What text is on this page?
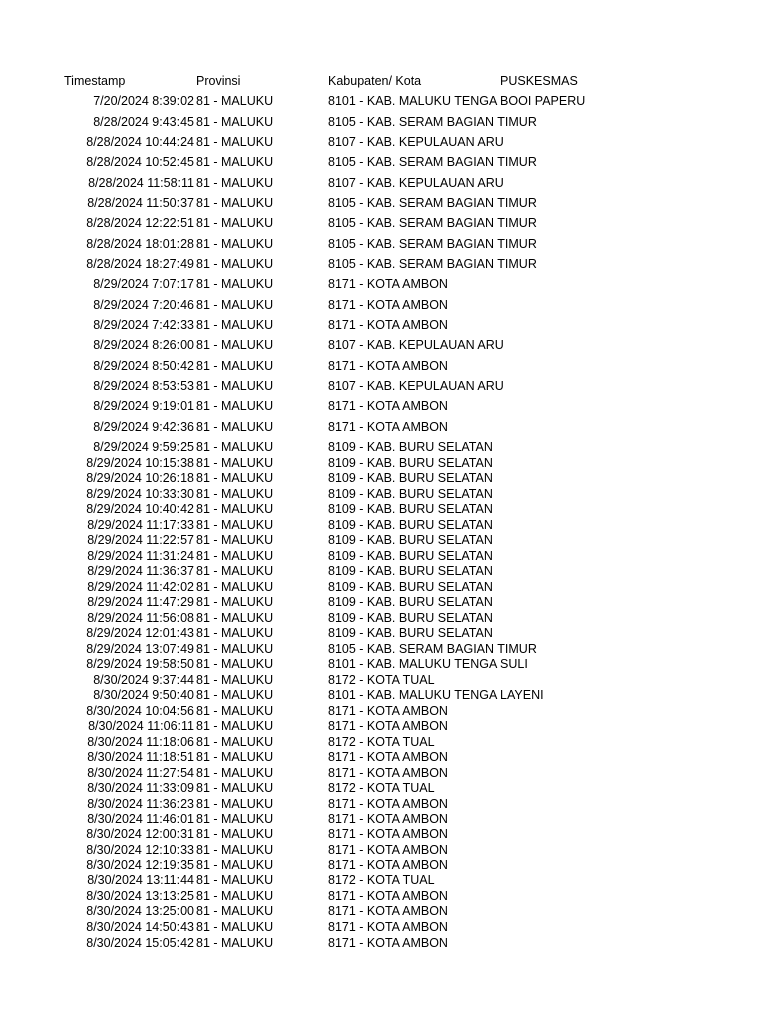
Timestamp	Provinsi	Kabupaten/ Kota	PUSKESMAS
7/20/2024 8:39:02 81 - MALUKU	8101 - KAB. MALUKU TENGA BOOI PAPERU
8/28/2024 9:43:45 81 - MALUKU	8105 - KAB. SERAM BAGIAN TIMUR
8/28/2024 10:44:24 81 - MALUKU	8107 - KAB. KEPULAUAN ARU
8/28/2024 10:52:45 81 - MALUKU	8105 - KAB. SERAM BAGIAN TIMUR
8/28/2024 11:58:11 81 - MALUKU	8107 - KAB. KEPULAUAN ARU
8/28/2024 11:50:37 81 - MALUKU	8105 - KAB. SERAM BAGIAN TIMUR
8/28/2024 12:22:51 81 - MALUKU	8105 - KAB. SERAM BAGIAN TIMUR
8/28/2024 18:01:28 81 - MALUKU	8105 - KAB. SERAM BAGIAN TIMUR
8/28/2024 18:27:49 81 - MALUKU	8105 - KAB. SERAM BAGIAN TIMUR
8/29/2024 7:07:17 81 - MALUKU	8171 - KOTA AMBON
8/29/2024 7:20:46 81 - MALUKU	8171 - KOTA AMBON
8/29/2024 7:42:33 81 - MALUKU	8171 - KOTA AMBON
8/29/2024 8:26:00 81 - MALUKU	8107 - KAB. KEPULAUAN ARU
8/29/2024 8:50:42 81 - MALUKU	8171 - KOTA AMBON
8/29/2024 8:53:53 81 - MALUKU	8107 - KAB. KEPULAUAN ARU
8/29/2024 9:19:01 81 - MALUKU	8171 - KOTA AMBON
8/29/2024 9:42:36 81 - MALUKU	8171 - KOTA AMBON
8/29/2024 9:59:25 81 - MALUKU	8109 - KAB. BURU SELATAN
8/29/2024 10:15:38 81 - MALUKU	8109 - KAB. BURU SELATAN
8/29/2024 10:26:18 81 - MALUKU	8109 - KAB. BURU SELATAN
8/29/2024 10:33:30 81 - MALUKU	8109 - KAB. BURU SELATAN
8/29/2024 10:40:42 81 - MALUKU	8109 - KAB. BURU SELATAN
8/29/2024 11:17:33 81 - MALUKU	8109 - KAB. BURU SELATAN
8/29/2024 11:22:57 81 - MALUKU	8109 - KAB. BURU SELATAN
8/29/2024 11:31:24 81 - MALUKU	8109 - KAB. BURU SELATAN
8/29/2024 11:36:37 81 - MALUKU	8109 - KAB. BURU SELATAN
8/29/2024 11:42:02 81 - MALUKU	8109 - KAB. BURU SELATAN
8/29/2024 11:47:29 81 - MALUKU	8109 - KAB. BURU SELATAN
8/29/2024 11:56:08 81 - MALUKU	8109 - KAB. BURU SELATAN
8/29/2024 12:01:43 81 - MALUKU	8109 - KAB. BURU SELATAN
8/29/2024 13:07:49 81 - MALUKU	8105 - KAB. SERAM BAGIAN TIMUR
8/29/2024 19:58:50 81 - MALUKU	8101 - KAB. MALUKU TENGA SULI
8/30/2024 9:37:44 81 - MALUKU	8172 - KOTA TUAL
8/30/2024 9:50:40 81 - MALUKU	8101 - KAB. MALUKU TENGA LAYENI
8/30/2024 10:04:56 81 - MALUKU	8171 - KOTA AMBON
8/30/2024 11:06:11 81 - MALUKU	8171 - KOTA AMBON
8/30/2024 11:18:06 81 - MALUKU	8172 - KOTA TUAL
8/30/2024 11:18:51 81 - MALUKU	8171 - KOTA AMBON
8/30/2024 11:27:54 81 - MALUKU	8171 - KOTA AMBON
8/30/2024 11:33:09 81 - MALUKU	8172 - KOTA TUAL
8/30/2024 11:36:23 81 - MALUKU	8171 - KOTA AMBON
8/30/2024 11:46:01 81 - MALUKU	8171 - KOTA AMBON
8/30/2024 12:00:31 81 - MALUKU	8171 - KOTA AMBON
8/30/2024 12:10:33 81 - MALUKU	8171 - KOTA AMBON
8/30/2024 12:19:35 81 - MALUKU	8171 - KOTA AMBON
8/30/2024 13:11:44 81 - MALUKU	8172 - KOTA TUAL
8/30/2024 13:13:25 81 - MALUKU	8171 - KOTA AMBON
8/30/2024 13:25:00 81 - MALUKU	8171 - KOTA AMBON
8/30/2024 14:50:43 81 - MALUKU	8171 - KOTA AMBON
8/30/2024 15:05:42 81 - MALUKU	8171 - KOTA AMBON
